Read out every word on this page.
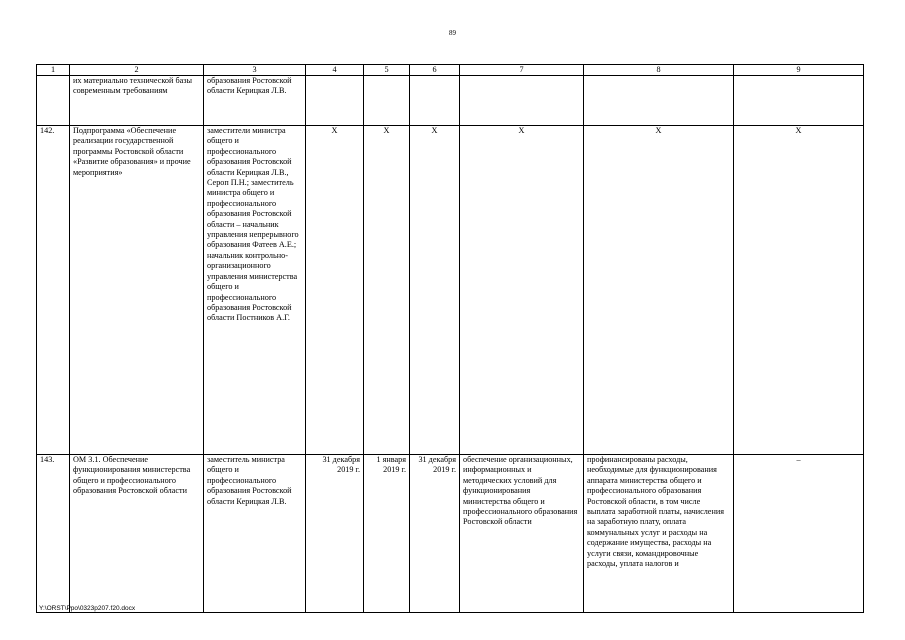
89
1	2	3	4	5	6	7	8	9
	их материально технической базы современным требованиям	образования Ростовской области Керицкая Л.В.						
142.	Подпрограмма «Обеспечение реализации государственной программы Ростовской области «Развитие образования» и прочие мероприятия»	заместители министра общего и профессионального образования Ростовской области Керицкая Л.В., Сероп П.Н.; заместитель министра общего и профессионального образования Ростовской области – начальник управления непрерывного образования Фатеев А.Е.; начальник контрольно-организационного управления министерства общего и профессионального образования Ростовской области Постников А.Г.	X	X	X	X	X	X
143.	ОМ 3.1. Обеспечение функционирования министерства общего и профессионального образования Ростовской области	заместитель министра общего и профессионального образования Ростовской области Керицкая Л.В.	31 декабря 2019 г.	1 января 2019 г.	31 декабря 2019 г.	обеспечение организационных, информационных и методических условий для функционирования министерства общего и профессионального образования Ростовской области	профинансированы расходы, необходимые для функционирования аппарата министерства общего и профессионального образования Ростовской области, в том числе выплата заработной платы, начисления на заработную плату, оплата коммунальных услуг и расходы на содержание имущества, расходы на услуги связи, командировочные расходы, уплата налогов и	–
Y:\ORST\Ppo\0323p207.f20.docx
